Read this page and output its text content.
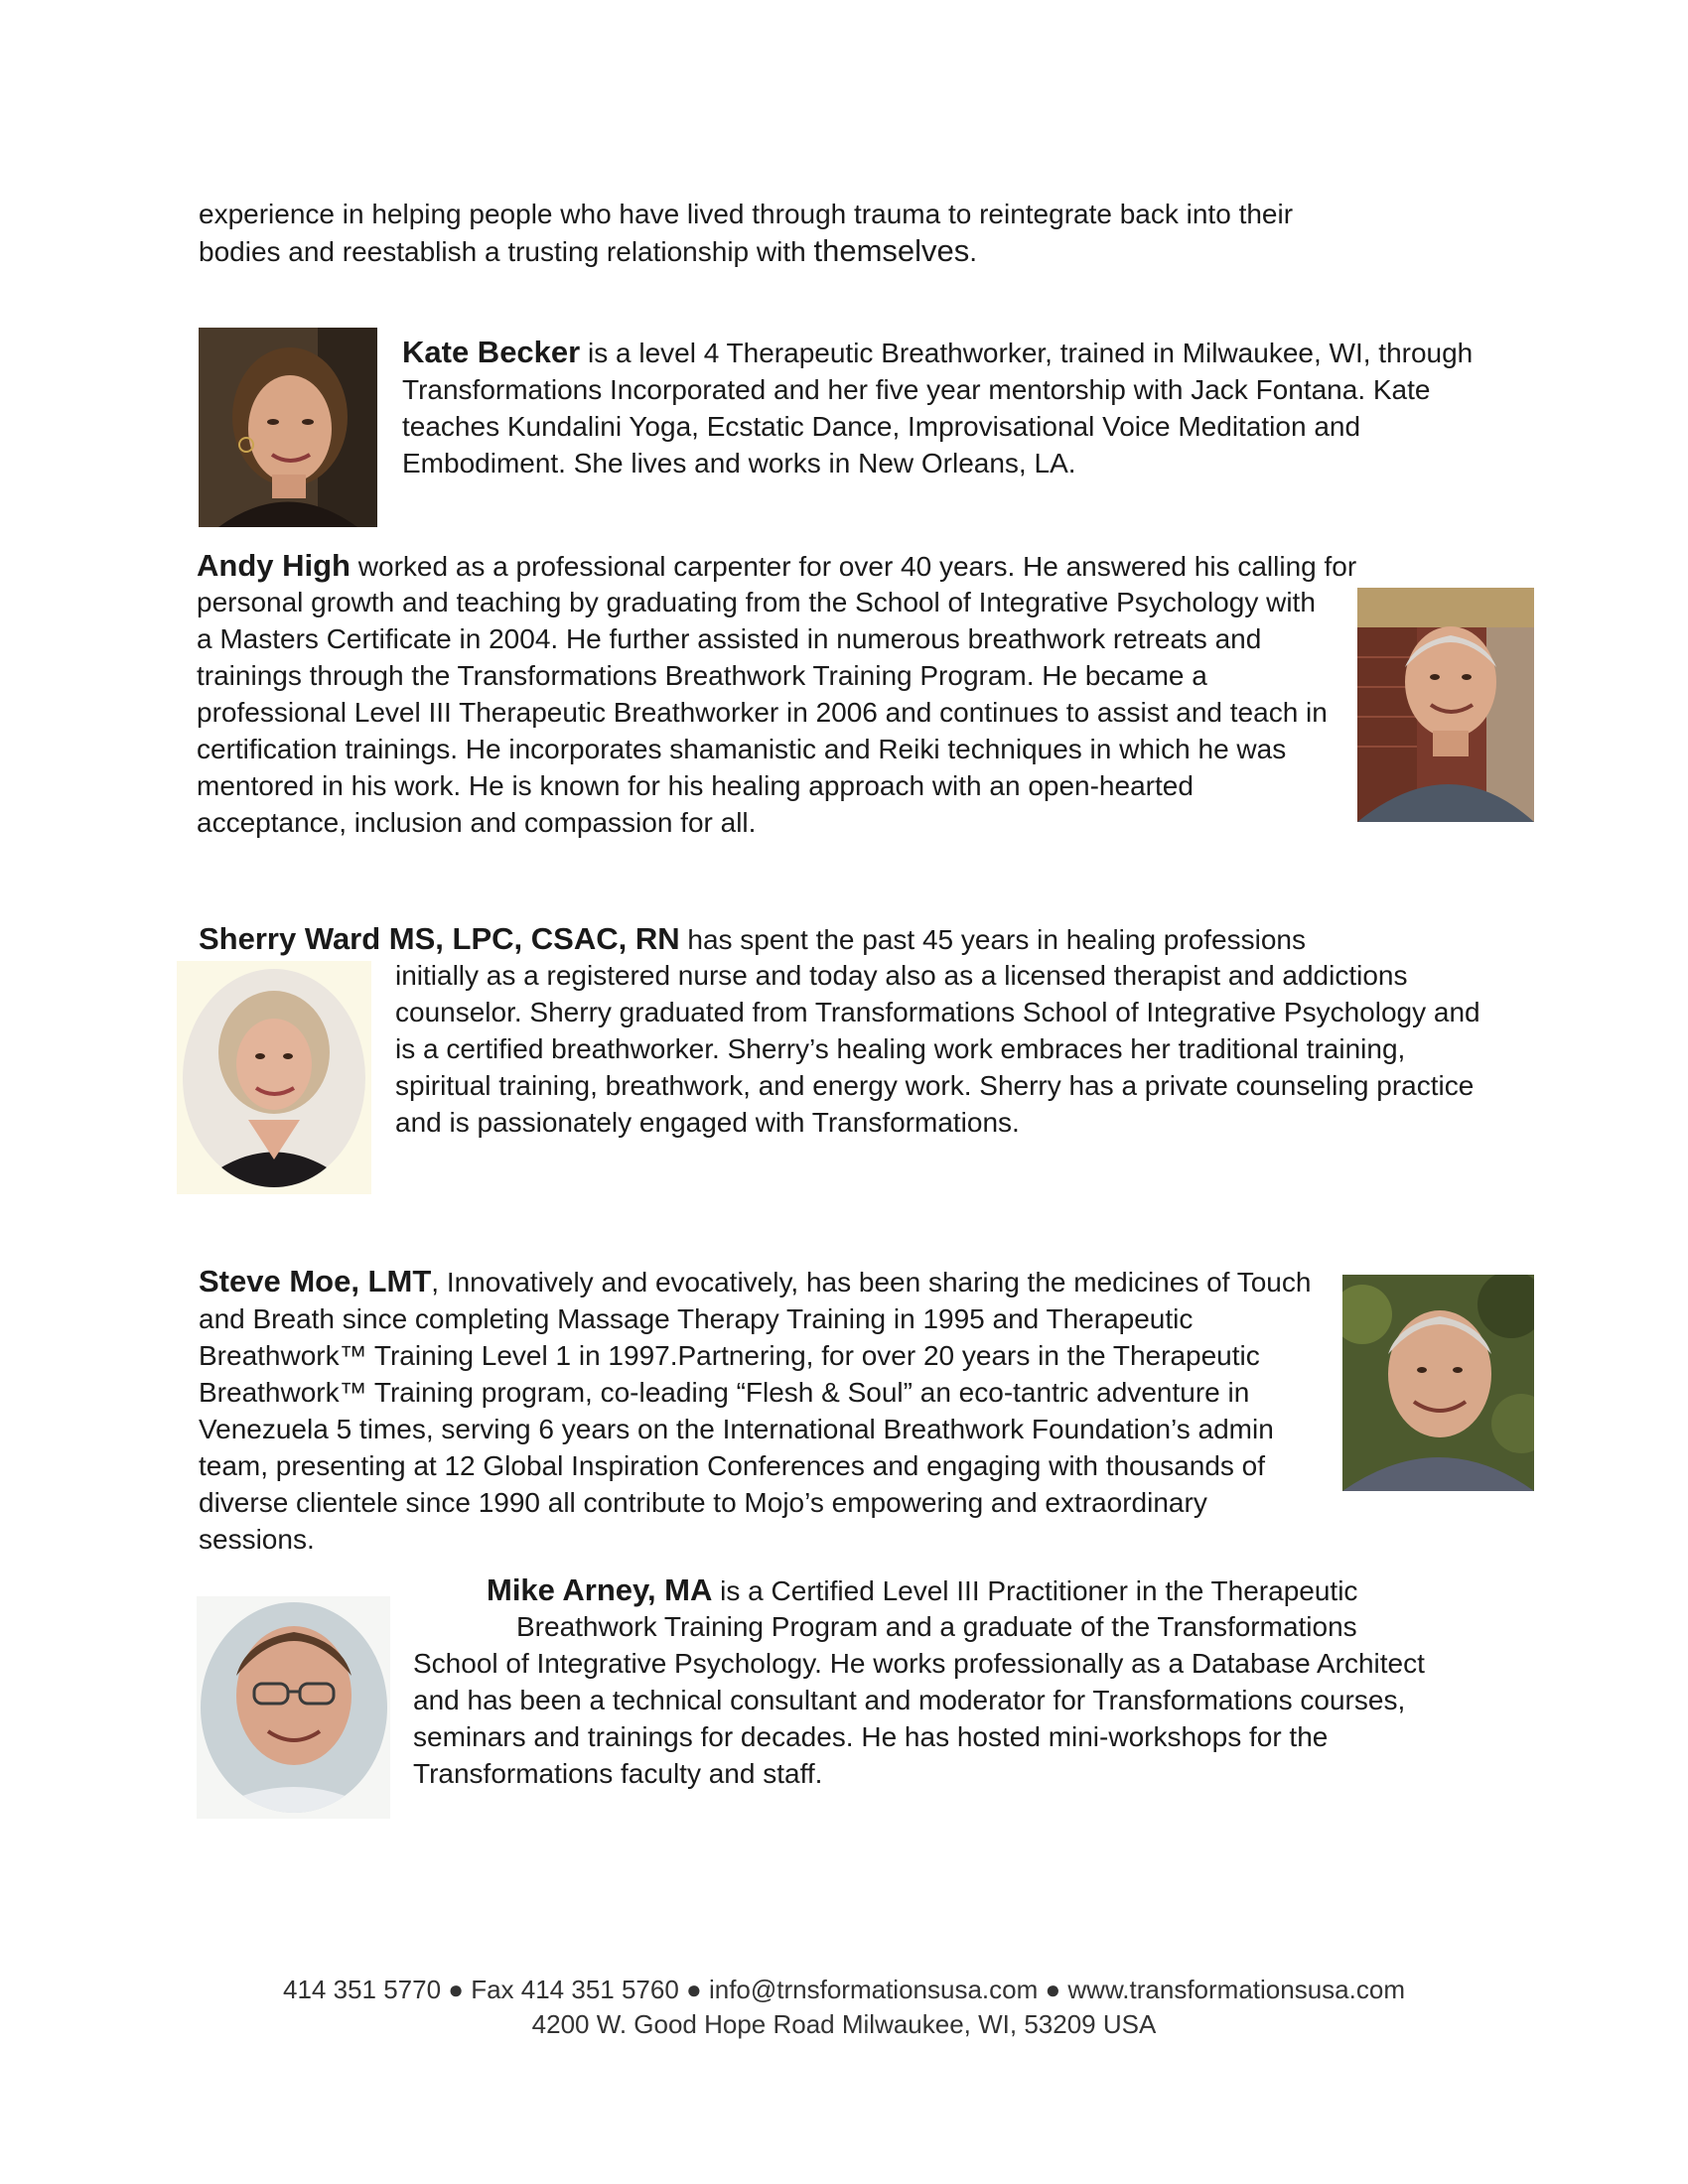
experience in helping people who have lived through trauma to reintegrate back into their
bodies and reestablish a trusting relationship with themselves.

Kate Becker is a level 4 Therapeutic Breathworker, trained in Milwaukee, WI, through Transformations Incorporated and her five year mentorship with Jack Fontana. Kate teaches Kundalini Yoga, Ecstatic Dance, Improvisational Voice Meditation and Embodiment. She lives and works in New Orleans, LA.

Andy High worked as a professional carpenter for over 40 years. He answered his calling for

personal growth and teaching by graduating from the School of Integrative Psychology with a Masters Certificate in 2004. He further assisted in numerous breathwork retreats and trainings through the Transformations Breathwork Training Program. He became a professional Level III Therapeutic Breathworker in 2006 and continues to assist and teach in certification trainings. He incorporates shamanistic and Reiki techniques in which he was mentored in his work. He is known for his healing approach with an open-hearted acceptance, inclusion and compassion for all.

Sherry Ward MS, LPC, CSAC, RN has spent the past 45 years in healing professions

initially as a registered nurse and today also as a licensed therapist and addictions counselor. Sherry graduated from Transformations School of Integrative Psychology and is a certified breathworker. Sherry’s healing work embraces her traditional training, spiritual training, breathwork, and energy work. Sherry has a private counseling practice and is passionately engaged with Transformations.

Steve Moe, LMT, Innovatively and evocatively, has been sharing the medicines of Touch and Breath since completing Massage Therapy Training in 1995 and Therapeutic Breathwork™ Training Level 1 in 1997.Partnering, for over 20 years in the Therapeutic Breathwork™ Training program, co-leading “Flesh & Soul” an eco-tantric adventure in Venezuela 5 times, serving 6 years on the International Breathwork Foundation’s admin team, presenting at 12 Global Inspiration Conferences and engaging with thousands of diverse clientele since 1990 all contribute to Mojo’s empowering and extraordinary sessions.

Mike Arney, MA is a Certified Level III Practitioner in the Therapeutic

Breathwork Training Program and a graduate of the Transformations

School of Integrative Psychology. He works professionally as a Database Architect and has been a technical consultant and moderator for Transformations courses, seminars and trainings for decades. He has hosted mini-workshops for the Transformations faculty and staff.

414 351 5770 ● Fax 414 351 5760 ● info@trnsformationsusa.com ● www.transformationsusa.com
4200 W. Good Hope Road Milwaukee, WI, 53209 USA
